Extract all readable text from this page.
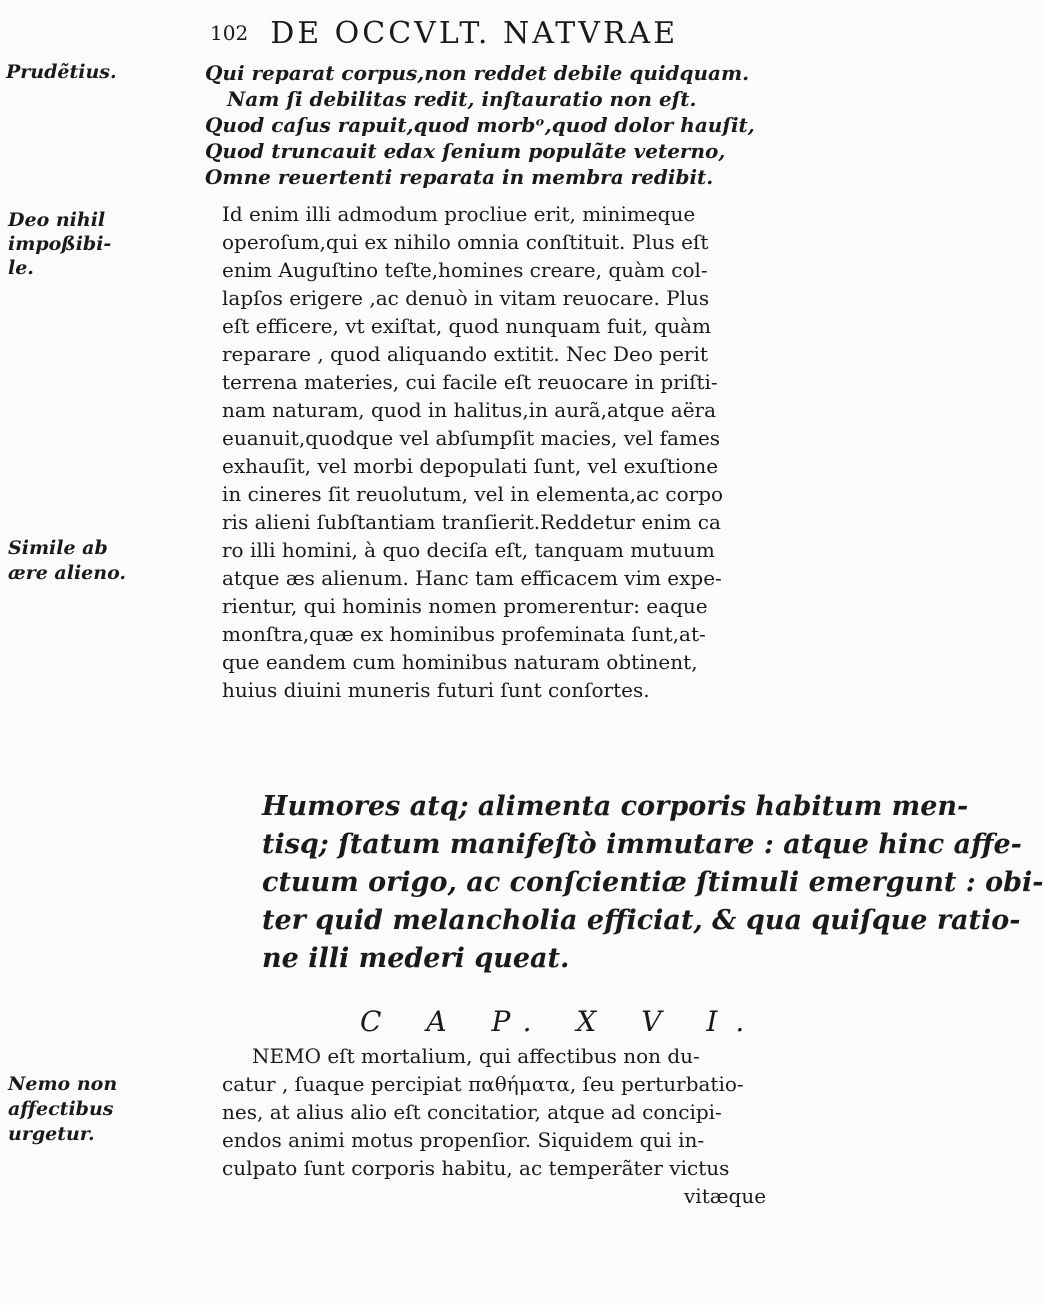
102 DE OCCVLT. NATVRAE
Prudẽtius.
Deo nihil
impoßibi-
le.
Simile ab
ære alieno.
Nemo non
affectibus
urgetur.
Qui reparat corpus,non reddet debile quidquam.
Nam ſi debilitas redit, inſtauratio non eſt.
Quod caſus rapuit,quod morbᵒ,quod dolor hauſit,
Quod truncauit edax ſenium populãte veterno,
Omne reuertenti reparata in membra redibit.
Id enim illi admodum procliue erit, minimeque
operoſum,qui ex nihilo omnia conſtituit. Plus eſt
enim Auguſtino teſte,homines creare, quàm col-
lapſos erigere ,ac denuò in vitam reuocare. Plus
eſt efficere, vt exiſtat, quod nunquam fuit, quàm
reparare , quod aliquando extitit. Nec Deo perit
terrena materies, cui facile eſt reuocare in priſti-
nam naturam, quod in halitus,in aurã,atque aëra
euanuit,quodque vel abſumpſit macies, vel fames
exhauſit, vel morbi depopulati ſunt, vel exuſtione
in cineres ſit reuolutum, vel in elementa,ac corpo
ris alieni ſubſtantiam tranſierit.Reddetur enim ca
ro illi homini, à quo deciſa eſt, tanquam mutuum
atque æs alienum. Hanc tam efficacem vim expe-
rientur, qui hominis nomen promerentur: eaque
monſtra,quæ ex hominibus profeminata ſunt,at-
que eandem cum hominibus naturam obtinent,
huius diuini muneris futuri ſunt conſortes.
Humores atq; alimenta corporis habitum men-
tisq; ſtatum manifeſtò immutare : atque hinc affe-
ctuum origo, ac conſcientiæ ſtimuli emergunt : obi-
ter quid melancholia efficiat, & qua quiſque ratio-
ne illi mederi queat.
C A P. X V I.
NEMO eſt mortalium, qui affectibus non du-
catur , ſuaque percipiat παθήματα, ſeu perturbatio-
nes, at alius alio eſt concitatior, atque ad concipi-
endos animi motus propenſior. Siquidem qui in-
culpato ſunt corporis habitu, ac temperãter victus
vitæque
